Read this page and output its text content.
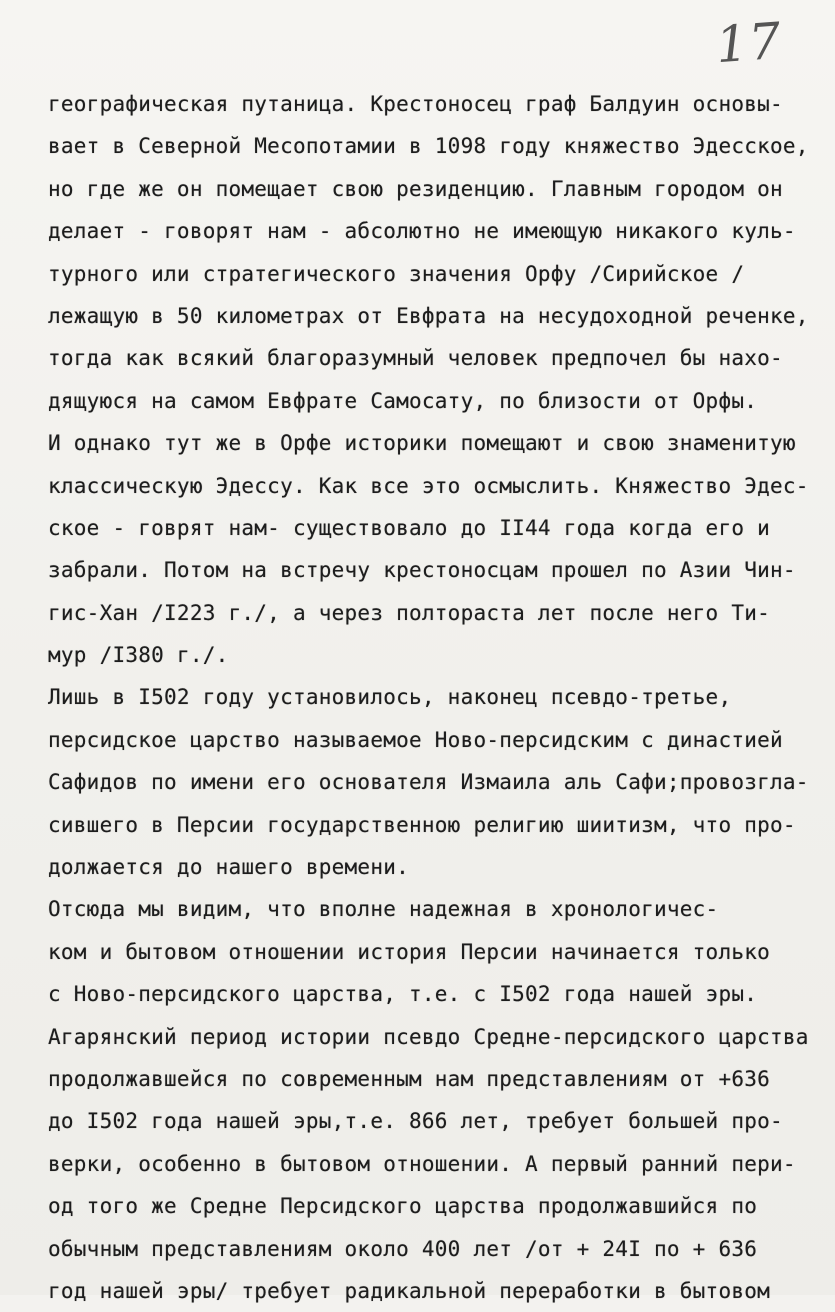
17
географическая путаница. Крестоносец граф Балдуин основы-
вает в Северной Месопотамии в 1098 году княжество Эдесское,
но где же он помещает свою резиденцию. Главным городом он
делает - говорят нам - абсолютно не имеющую никакого куль-
турного или стратегического значения Орфу /Сирийское /
лежащую в 50 километрах от Евфрата на несудоходной речeнке,
тогда как всякий благоразумный человек предпочел бы нахо-
дящуюся на самом Евфрате Самосату, по близости от Орфы.
И однако тут же в Орфе историки помещают и свою знаменитую
классическую Эдессу. Как все это осмыслить. Княжество Эдес-
ское - говрят нам- существовало до II44 года когда его и
забрали. Потом на встречу крестоносцам прошел по Азии Чин-
гис-Хан /I223 г./, а через полтораста лет после него Ти-
мур /I380 г./.
Лишь в I502 году установилось, наконец псевдо-третье,
персидское царство называемое Ново-персидским с династией
Сафидов по имени его основателя Измаила аль Сафи;провозгла-
сившего в Персии государственною религию шиитизм, что про-
должается до нашего времени.
Отсюда мы видим, что вполне надежная в хронологичес-
ком и бытовом отношении история Персии начинается только
с Ново-персидского царства, т.е. с I502 года нашей эры.
Агарянский период истории псевдо Средне-персидского царства
продолжавшейся по современным нам представлениям от +636
до I502 года нашей эры,т.е. 866 лет, требует большей про-
верки, особенно в бытовом отношении. А первый ранний пери-
од того же Средне Персидского царства продолжавшийся по
обычным представлениям около 400 лет /от + 24I по + 636
год нашей эры/ требует радикальной переработки в бытовом
